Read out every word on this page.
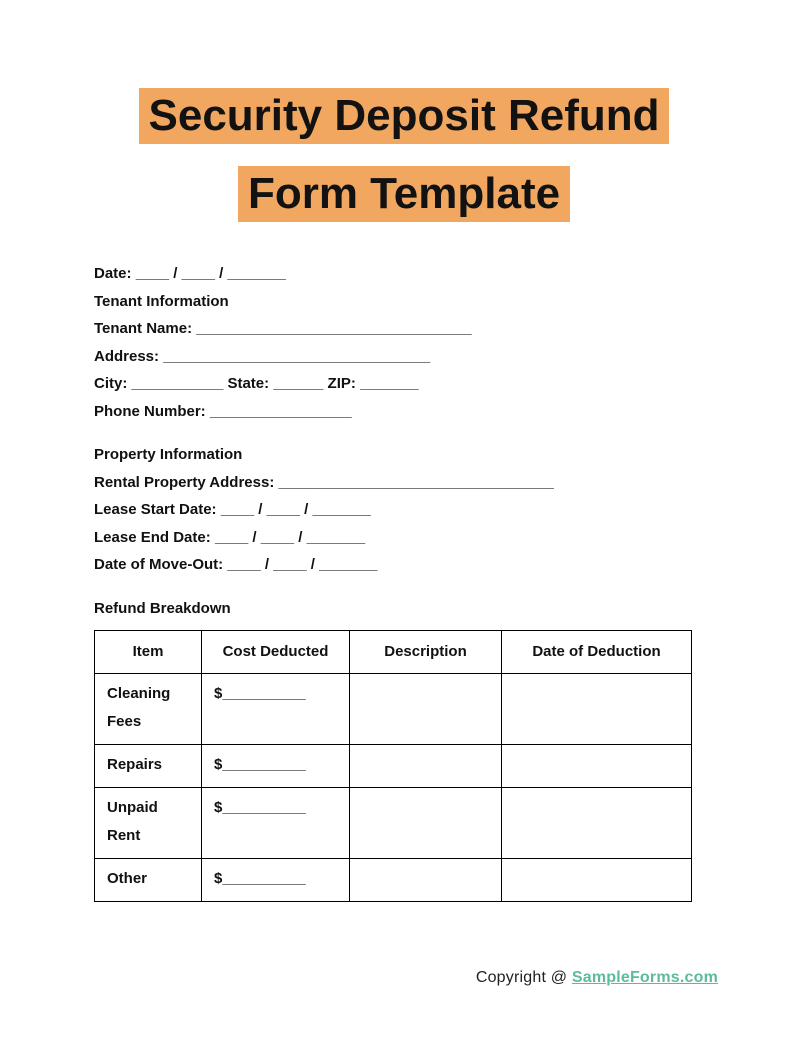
Security Deposit Refund
Form Template

Date: ____ / ____ / _______

Tenant Information

Tenant Name: _________________________________

Address: ________________________________

City: ___________ State: ______ ZIP: _______

Phone Number: _________________

Property Information

Rental Property Address: _________________________________

Lease Start Date: ____ / ____ / _______

Lease End Date: ____ / ____ / _______

Date of Move-Out: ____ / ____ / _______

Refund Breakdown

Item	Cost Deducted	Description	Date of Deduction
Cleaning Fees	$__________		
Repairs	$__________		
Unpaid Rent	$__________		
Other	$__________		
Copyright @ SampleForms.com
